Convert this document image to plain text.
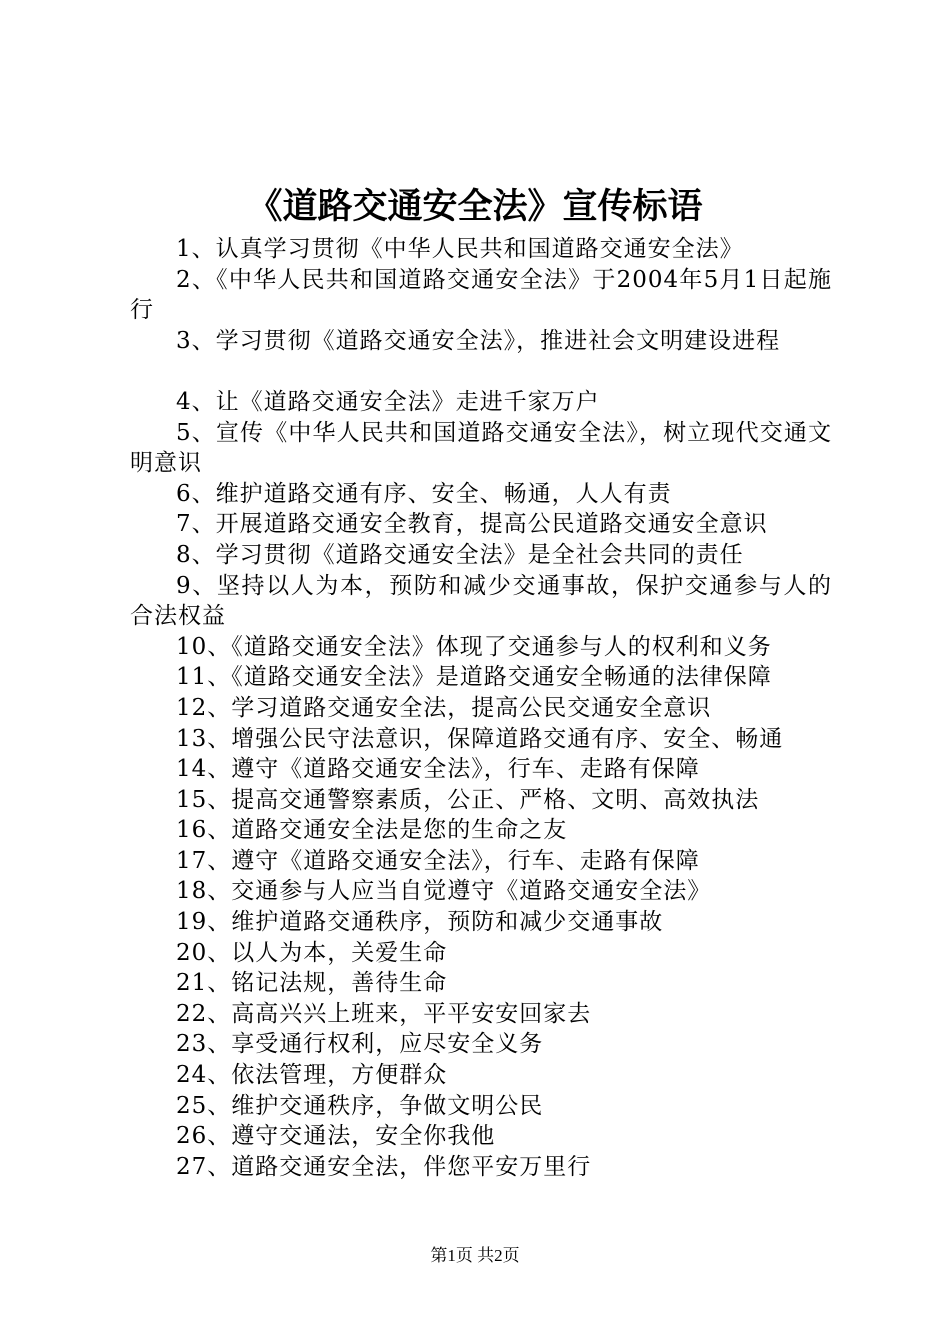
《道路交通安全法》宣传标语

1、认真学习贯彻《中华人民共和国道路交通安全法》

2、《中华人民共和国道路交通安全法》于2004年5月1日起施行

3、学习贯彻《道路交通安全法》，推进社会文明建设进程

4、让《道路交通安全法》走进千家万户

5、宣传《中华人民共和国道路交通安全法》，树立现代交通文明意识

6、维护道路交通有序、安全、畅通，人人有责

7、开展道路交通安全教育，提高公民道路交通安全意识

8、学习贯彻《道路交通安全法》是全社会共同的责任

9、坚持以人为本，预防和减少交通事故，保护交通参与人的合法权益

10、《道路交通安全法》体现了交通参与人的权利和义务

11、《道路交通安全法》是道路交通安全畅通的法律保障

12、学习道路交通安全法，提高公民交通安全意识

13、增强公民守法意识，保障道路交通有序、安全、畅通

14、遵守《道路交通安全法》，行车、走路有保障

15、提高交通警察素质，公正、严格、文明、高效执法

16、道路交通安全法是您的生命之友

17、遵守《道路交通安全法》，行车、走路有保障

18、交通参与人应当自觉遵守《道路交通安全法》

19、维护道路交通秩序，预防和减少交通事故

20、以人为本，关爱生命

21、铭记法规，善待生命

22、高高兴兴上班来，平平安安回家去

23、享受通行权利，应尽安全义务

24、依法管理，方便群众

25、维护交通秩序，争做文明公民

26、遵守交通法，安全你我他

27、道路交通安全法，伴您平安万里行

第1页 共2页
